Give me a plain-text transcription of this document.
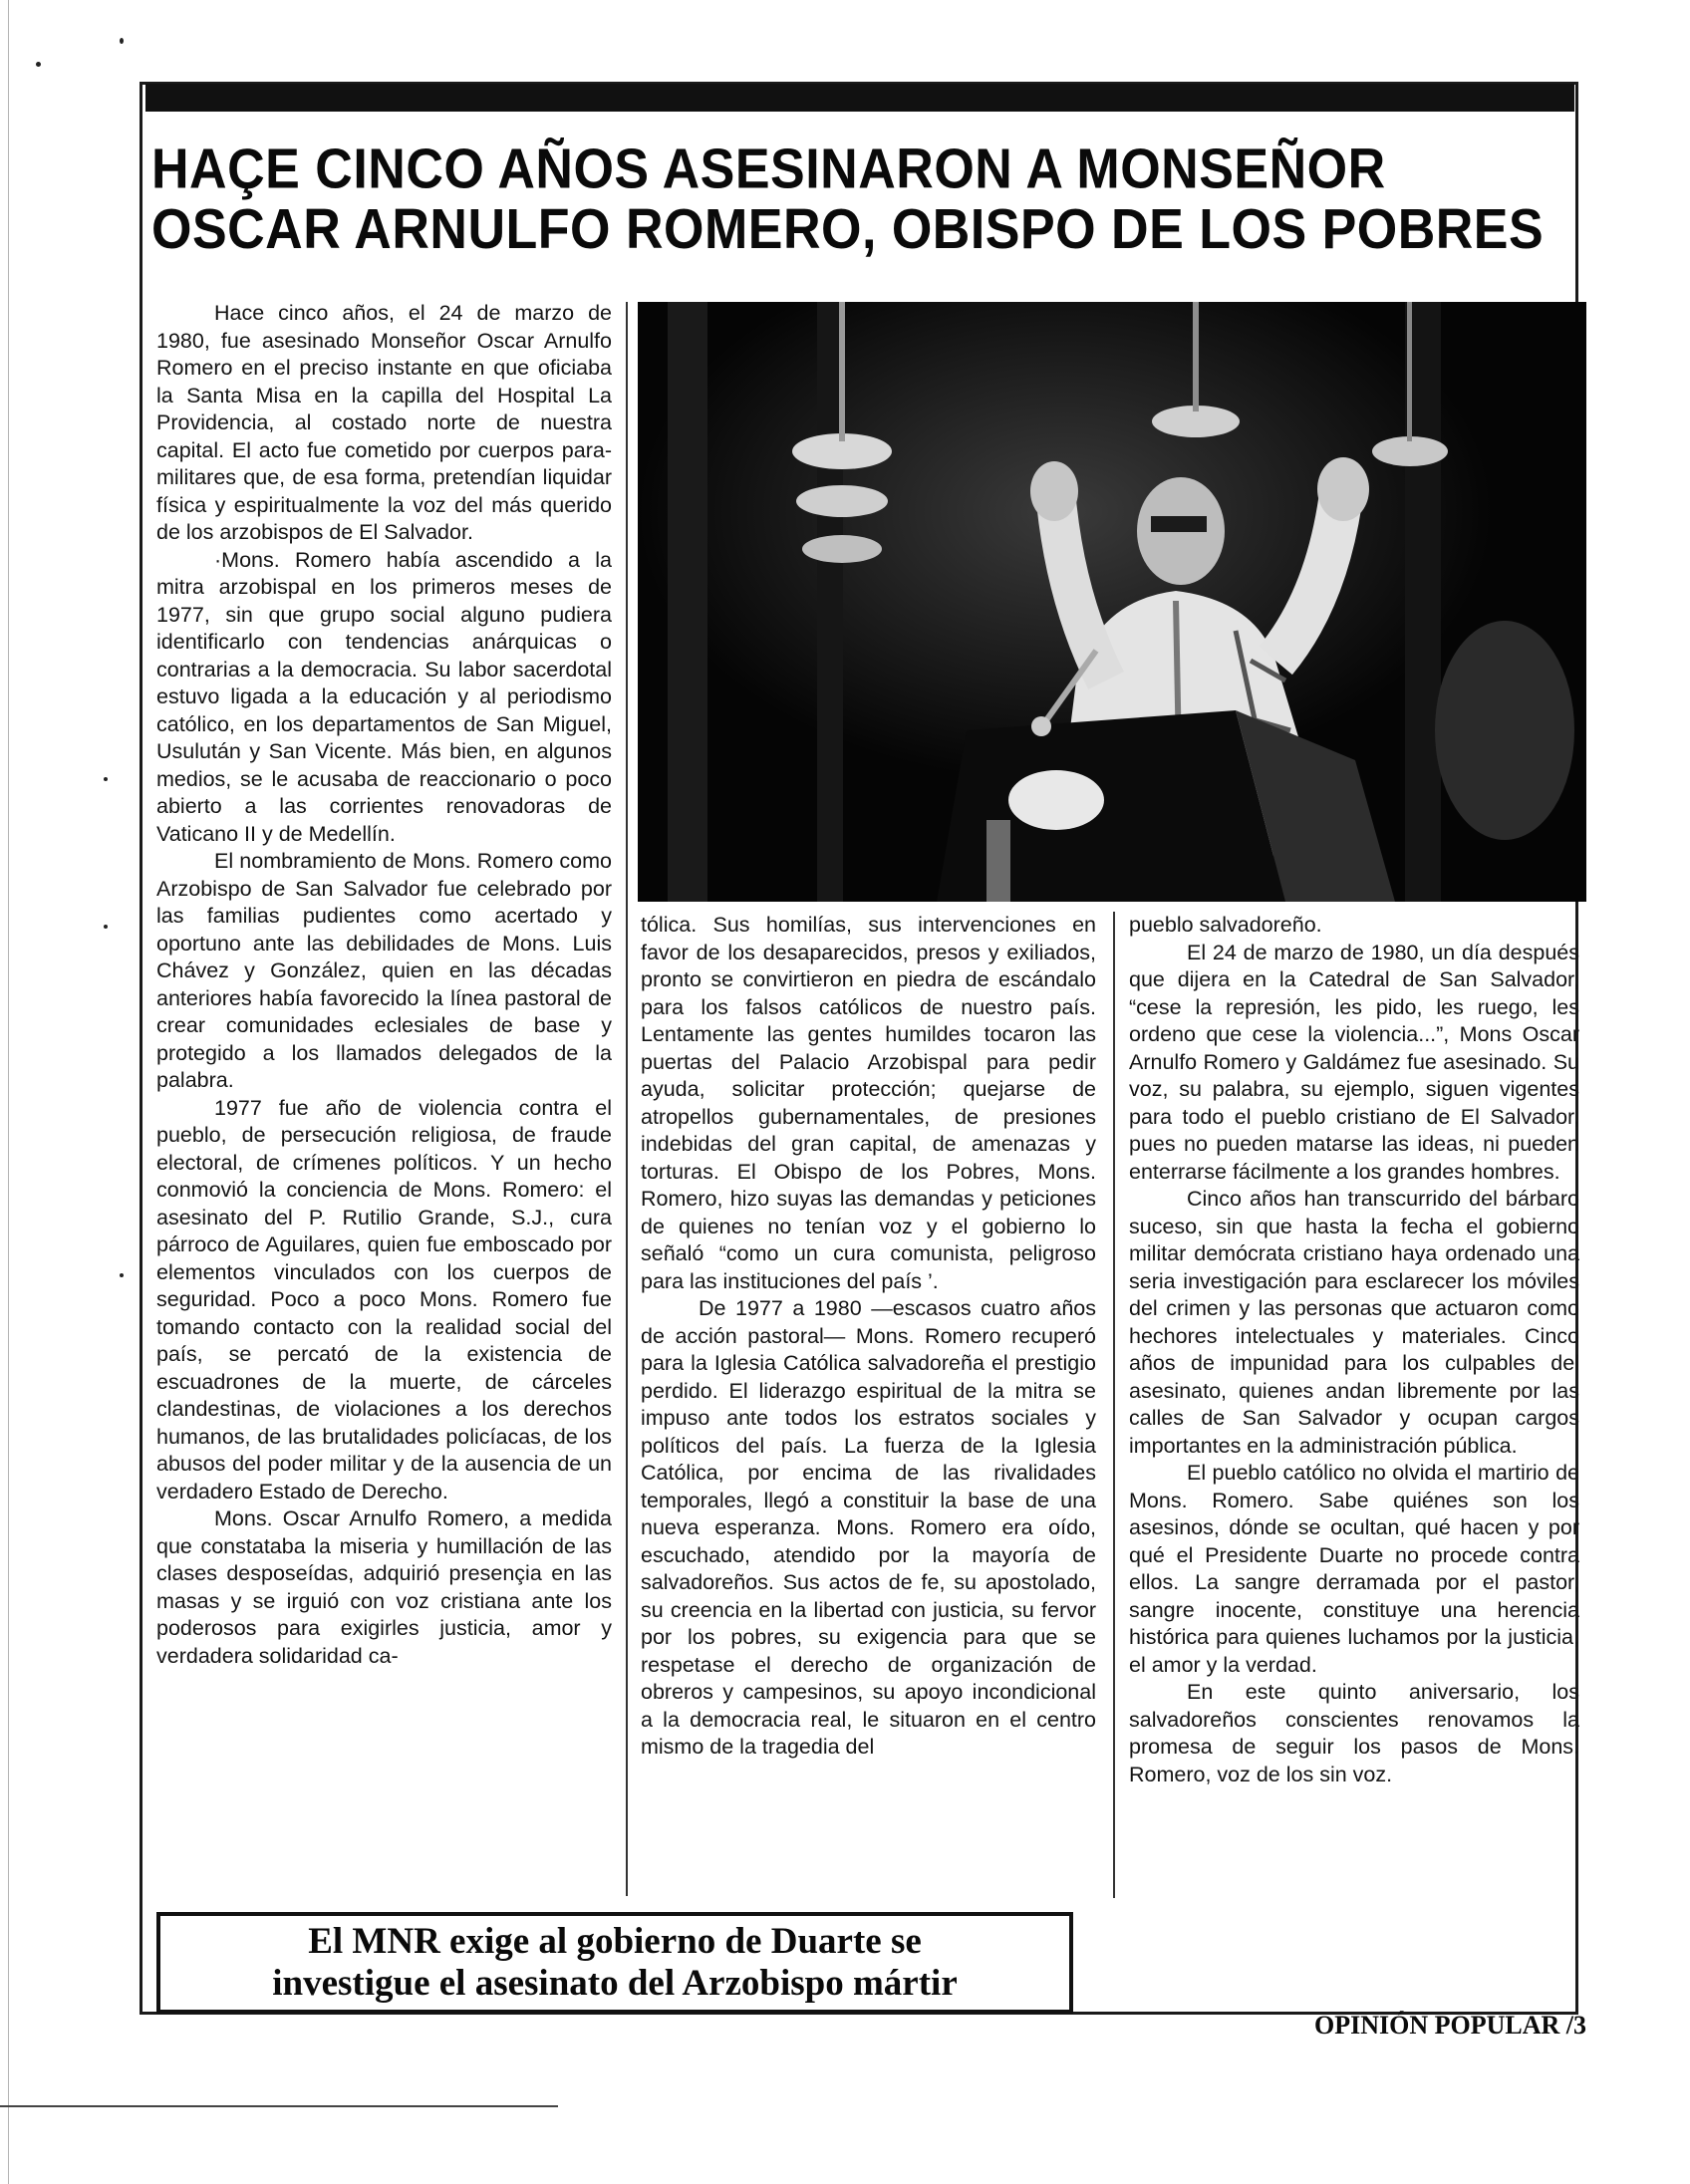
HAÇE CINCO AÑOS ASESINARON A MONSEÑOR
OSCAR ARNULFO ROMERO, OBISPO DE LOS POBRES

Hace cinco años, el 24 de marzo de 1980, fue asesinado Monseñor Oscar Arnulfo Romero en el preciso instante en que oficiaba la Santa Misa en la capilla del Hospital La Providencia, al costado norte de nuestra capital. El acto fue cometido por cuerpos para-militares que, de esa forma, pretendían liquidar física y espiritualmente la voz del más querido de los arzobispos de El Salvador.

·Mons. Romero había ascendido a la mitra arzobispal en los primeros meses de 1977, sin que grupo social alguno pudiera identificarlo con tendencias anárquicas o contrarias a la democracia. Su labor sacerdotal estuvo ligada a la educación y al periodismo católico, en los departamentos de San Miguel, Usulután y San Vicente. Más bien, en algunos medios, se le acusaba de reaccionario o poco abierto a las corrientes renovadoras de Vaticano II y de Medellín.

El nombramiento de Mons. Romero como Arzobispo de San Salvador fue celebrado por las familias pudientes como acertado y oportuno ante las debilidades de Mons. Luis Chávez y González, quien en las décadas anteriores había favorecido la línea pastoral de crear comunidades eclesiales de base y protegido a los llamados delegados de la palabra.

1977 fue año de violencia contra el pueblo, de persecución religiosa, de fraude electoral, de crímenes políticos. Y un hecho conmovió la conciencia de Mons. Romero: el asesinato del P. Rutilio Grande, S.J., cura párroco de Aguilares, quien fue emboscado por elementos vinculados con los cuerpos de seguridad. Poco a poco Mons. Romero fue tomando contacto con la realidad social del país, se percató de la existencia de escuadrones de la muerte, de cárceles clandestinas, de violaciones a los derechos humanos, de las brutalidades policíacas, de los abusos del poder militar y de la ausencia de un verdadero Estado de Derecho.

Mons. Oscar Arnulfo Romero, a medida que constataba la miseria y humillación de las clases desposeídas, adquirió presençia en las masas y se irguió con voz cristiana ante los poderosos para exigirles justicia, amor y verdadera solidaridad ca-

tólica. Sus homilías, sus intervenciones en favor de los desaparecidos, presos y exiliados, pronto se convirtieron en piedra de escándalo para los falsos católicos de nuestro país. Lentamente las gentes humildes tocaron las puertas del Palacio Arzobispal para pedir ayuda, solicitar protección; quejarse de atropellos gubernamentales, de presiones indebidas del gran capital, de amenazas y torturas. El Obispo de los Pobres, Mons. Romero, hizo suyas las demandas y peticiones de quienes no tenían voz y el gobierno lo señaló “como un cura comunista, peligroso para las instituciones del país ’.

De 1977 a 1980 —escasos cuatro años de acción pastoral— Mons. Romero recuperó para la Iglesia Católica salvadoreña el prestigio perdido. El liderazgo espiritual de la mitra se impuso ante todos los estratos sociales y políticos del país. La fuerza de la Iglesia Católica, por encima de las rivalidades temporales, llegó a constituir la base de una nueva esperanza. Mons. Romero era oído, escuchado, atendido por la mayoría de salvadoreños. Sus actos de fe, su apostolado, su creencia en la libertad con justicia, su fervor por los pobres, su exigencia para que se respetase el derecho de organización de obreros y campesinos, su apoyo incondicional a la democracia real, le situaron en el centro mismo de la tragedia del

pueblo salvadoreño.

El 24 de marzo de 1980, un día después que dijera en la Catedral de San Salvador, “cese la represión, les pido, les ruego, les ordeno que cese la violencia...”, Mons Oscar Arnulfo Romero y Galdámez fue asesinado. Su voz, su palabra, su ejemplo, siguen vigentes para todo el pueblo cristiano de El Salvador, pues no pueden matarse las ideas, ni pueden enterrarse fácilmente a los grandes hombres.

Cinco años han transcurrido del bárbaro suceso, sin que hasta la fecha el gobierno militar demócrata cristiano haya ordenado una seria investigación para esclarecer los móviles del crimen y las personas que actuaron como hechores intelectuales y materiales. Cinco años de impunidad para los culpables del asesinato, quienes andan libremente por las calles de San Salvador y ocupan cargos importantes en la administración pública.

El pueblo católico no olvida el martirio de Mons. Romero. Sabe quiénes son los asesinos, dónde se ocultan, qué hacen y por qué el Presidente Duarte no procede contra ellos. La sangre derramada por el pastor, sangre inocente, constituye una herencia histórica para quienes luchamos por la justicia, el amor y la verdad.

En este quinto aniversario, los salvadoreños conscientes renovamos la promesa de seguir los pasos de Mons. Romero, voz de los sin voz.

El MNR exige al gobierno de Duarte se
investigue el asesinato del Arzobispo mártir
OPINIÓN POPULAR /3
